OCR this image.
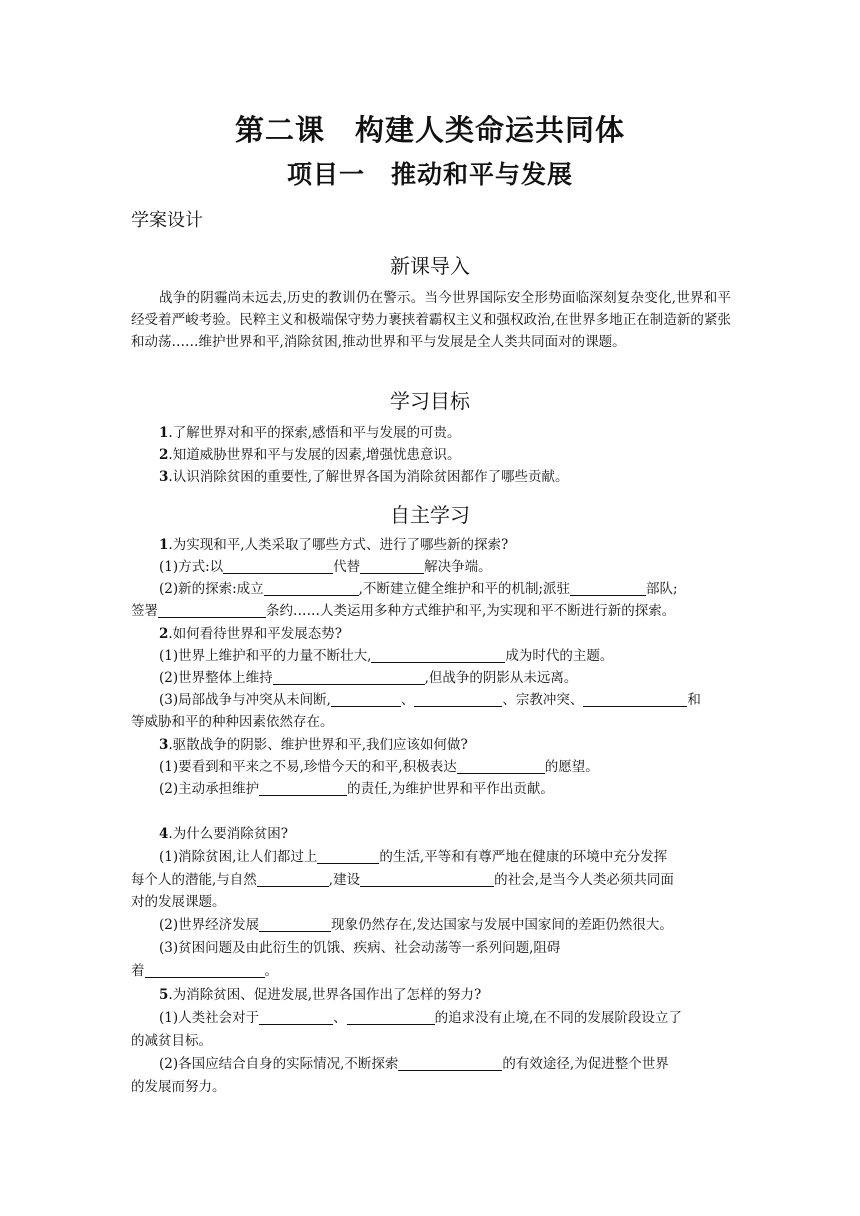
第二课　构建人类命运共同体
项目一　推动和平与发展
学案设计
新课导入
战争的阴霾尚未远去,历史的教训仍在警示。当今世界国际安全形势面临深刻复杂变化,世界和平经受着严峻考验。民粹主义和极端保守势力裹挟着霸权主义和强权政治,在世界多地正在制造新的紧张和动荡……维护世界和平,消除贫困,推动世界和平与发展是全人类共同面对的课题。
学习目标
1.了解世界对和平的探索,感悟和平与发展的可贵。
2.知道威胁世界和平与发展的因素,增强忧患意识。
3.认识消除贫困的重要性,了解世界各国为消除贫困都作了哪些贡献。
自主学习
1.为实现和平,人类采取了哪些方式、进行了哪些新的探索?
(1)方式:以	代替	解决争端。
(2)新的探索:成立	,不断建立健全维护和平的机制;派驻	部队;
签署	条约……人类运用多种方式维护和平,为实现和平不断进行新的探索。
2.如何看待世界和平发展态势?
(1)世界上维护和平的力量不断壮大,	成为时代的主题。
(2)世界整体上维持	,但战争的阴影从未远离。
(3)局部战争与冲突从未间断,	、	、宗教冲突、	和
等威胁和平的种种因素依然存在。
3.驱散战争的阴影、维护世界和平,我们应该如何做?
(1)要看到和平来之不易,珍惜今天的和平,积极表达	的愿望。
(2)主动承担维护	的责任,为维护世界和平作出贡献。
4.为什么要消除贫困?
(1)消除贫困,让人们都过上	的生活,平等和有尊严地在健康的环境中充分发挥
每个人的潜能,与自然	,建设	的社会,是当今人类必须共同面
对的发展课题。
(2)世界经济发展	现象仍然存在,发达国家与发展中国家间的差距仍然很大。
(3)贫困问题及由此衍生的饥饿、疾病、社会动荡等一系列问题,阻碍
着	。
5.为消除贫困、促进发展,世界各国作出了怎样的努力?
(1)人类社会对于	、	的追求没有止境,在不同的发展阶段设立了
的减贫目标。
(2)各国应结合自身的实际情况,不断探索	的有效途径,为促进整个世界
的发展而努力。
